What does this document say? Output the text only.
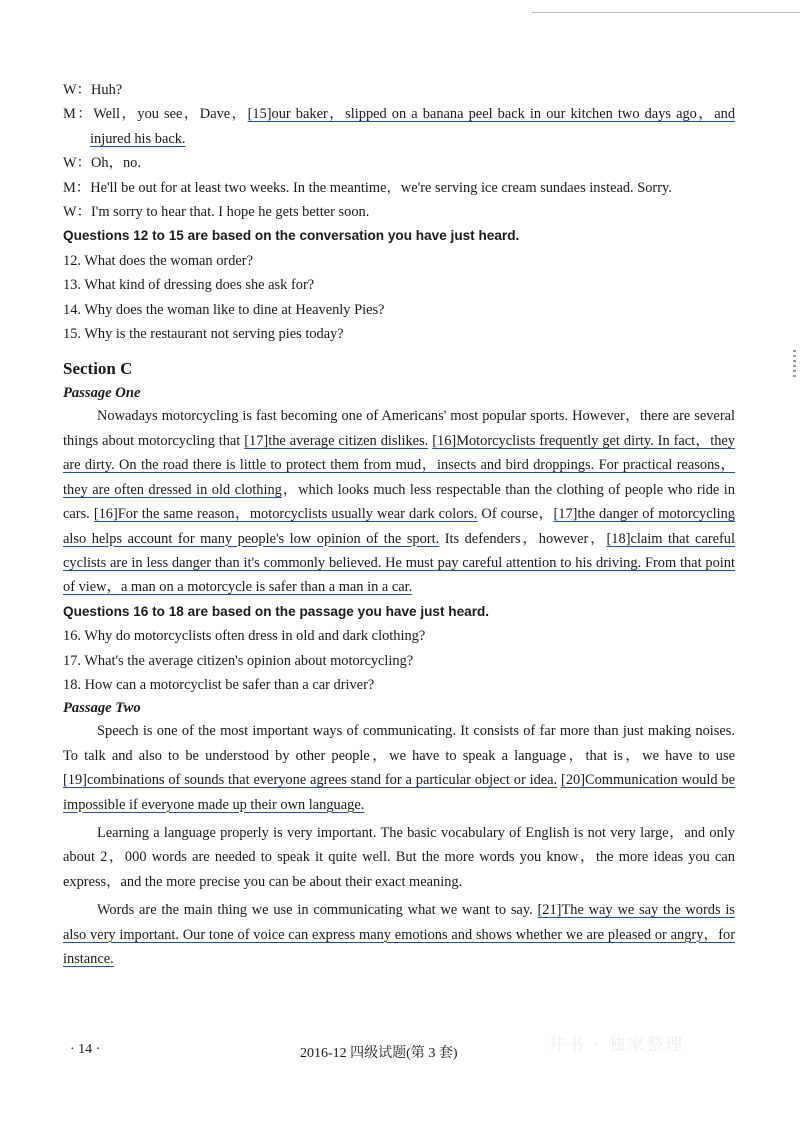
W：Huh?
M：Well，you see，Dave，[15]our baker，slipped on a banana peel back in our kitchen two days ago，and injured his back.
W：Oh，no.
M：He'll be out for at least two weeks. In the meantime，we're serving ice cream sundaes instead. Sorry.
W：I'm sorry to hear that. I hope he gets better soon.
Questions 12 to 15 are based on the conversation you have just heard.
12. What does the woman order?
13. What kind of dressing does she ask for?
14. Why does the woman like to dine at Heavenly Pies?
15. Why is the restaurant not serving pies today?
Section C
Passage One
Nowadays motorcycling is fast becoming one of Americans' most popular sports. However，there are several things about motorcycling that [17]the average citizen dislikes. [16]Motorcyclists frequently get dirty. In fact，they are dirty. On the road there is little to protect them from mud，insects and bird droppings. For practical reasons，they are often dressed in old clothing，which looks much less respectable than the clothing of people who ride in cars. [16]For the same reason，motorcyclists usually wear dark colors. Of course，[17]the danger of motorcycling also helps account for many people's low opinion of the sport. Its defenders，however，[18]claim that careful cyclists are in less danger than it's commonly believed. He must pay careful attention to his driving. From that point of view，a man on a motorcycle is safer than a man in a car.
Questions 16 to 18 are based on the passage you have just heard.
16. Why do motorcyclists often dress in old and dark clothing?
17. What's the average citizen's opinion about motorcycling?
18. How can a motorcyclist be safer than a car driver?
Passage Two
Speech is one of the most important ways of communicating. It consists of far more than just making noises. To talk and also to be understood by other people，we have to speak a language，that is，we have to use [19]combinations of sounds that everyone agrees stand for a particular object or idea. [20]Communication would be impossible if everyone made up their own language.
Learning a language properly is very important. The basic vocabulary of English is not very large，and only about 2，000 words are needed to speak it quite well. But the more words you know，the more ideas you can express，and the more precise you can be about their exact meaning.
Words are the main thing we use in communicating what we want to say. [21]The way we say the words is also very important. Our tone of voice can express many emotions and shows whether we are pleased or angry，for instance.
· 14 ·	2016-12 四级试题(第 3 套)	井书 · 独家整理
